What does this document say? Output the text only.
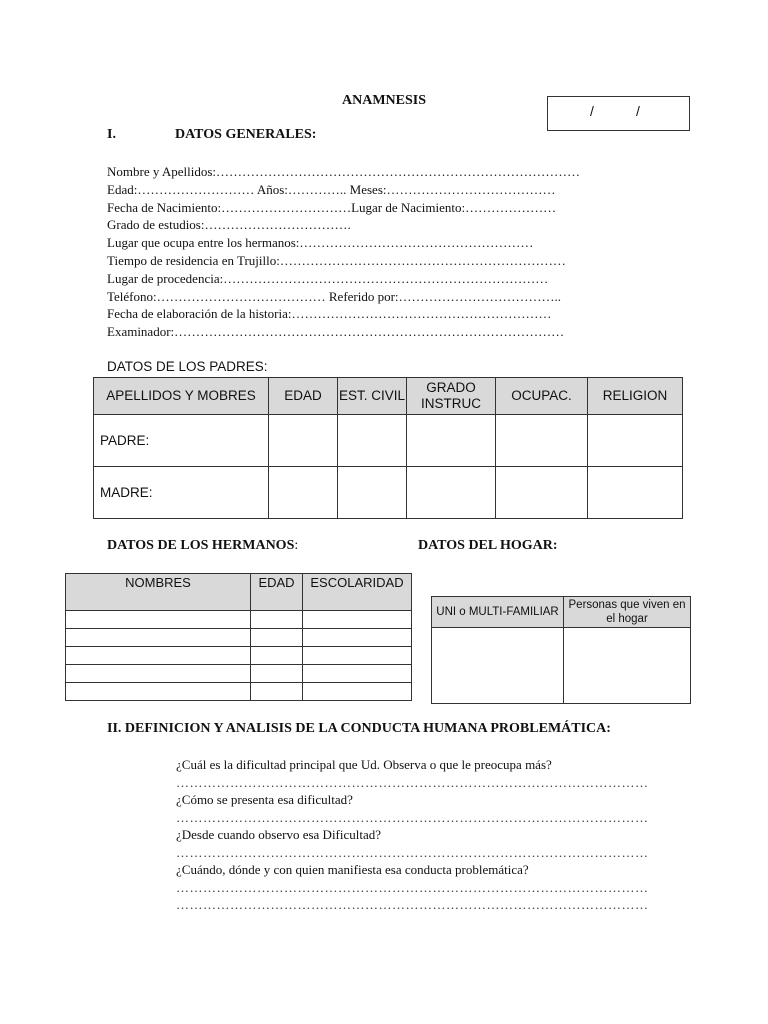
ANAMNESIS
/	/
I.	DATOS GENERALES:
Nombre y Apellidos:…………………………………………………………………………
Edad:……………………… Años:………….. Meses:…………………………………
Fecha de Nacimiento:…………………………Lugar de Nacimiento:…………………
Grado de estudios:…………………………….
Lugar que ocupa entre los hermanos:………………………………………………
Tiempo de residencia en Trujillo:…………………………………………………………
Lugar de procedencia:…………………………………………………………………
Teléfono:………………………………… Referido por:………………………………..
Fecha de elaboración de la historia:……………………………………………………
Examinador:………………………………………………………………………………
DATOS DE LOS PADRES:
APELLIDOS Y MOBRES	EDAD	EST. CIVIL	GRADO INSTRUC	OCUPAC.	RELIGION
PADRE:					
MADRE:					
DATOS DE LOS HERMANOS:	DATOS DEL HOGAR:
NOMBRES	EDAD	ESCOLARIDAD

UNI o MULTI-FAMILIAR	Personas que viven en el hogar

II. DEFINICION Y ANALISIS DE LA CONDUCTA HUMANA PROBLEMÁTICA:
¿Cuál es la dificultad principal que Ud. Observa o que le preocupa más?
……………………………………………………………………………………………
¿Cómo se presenta esa dificultad?
……………………………………………………………………………………………
¿Desde cuando observo esa Dificultad?
……………………………………………………………………………………………
¿Cuándo, dónde y con quien manifiesta esa conducta problemática?
……………………………………………………………………………………………
……………………………………………………………………………………………
